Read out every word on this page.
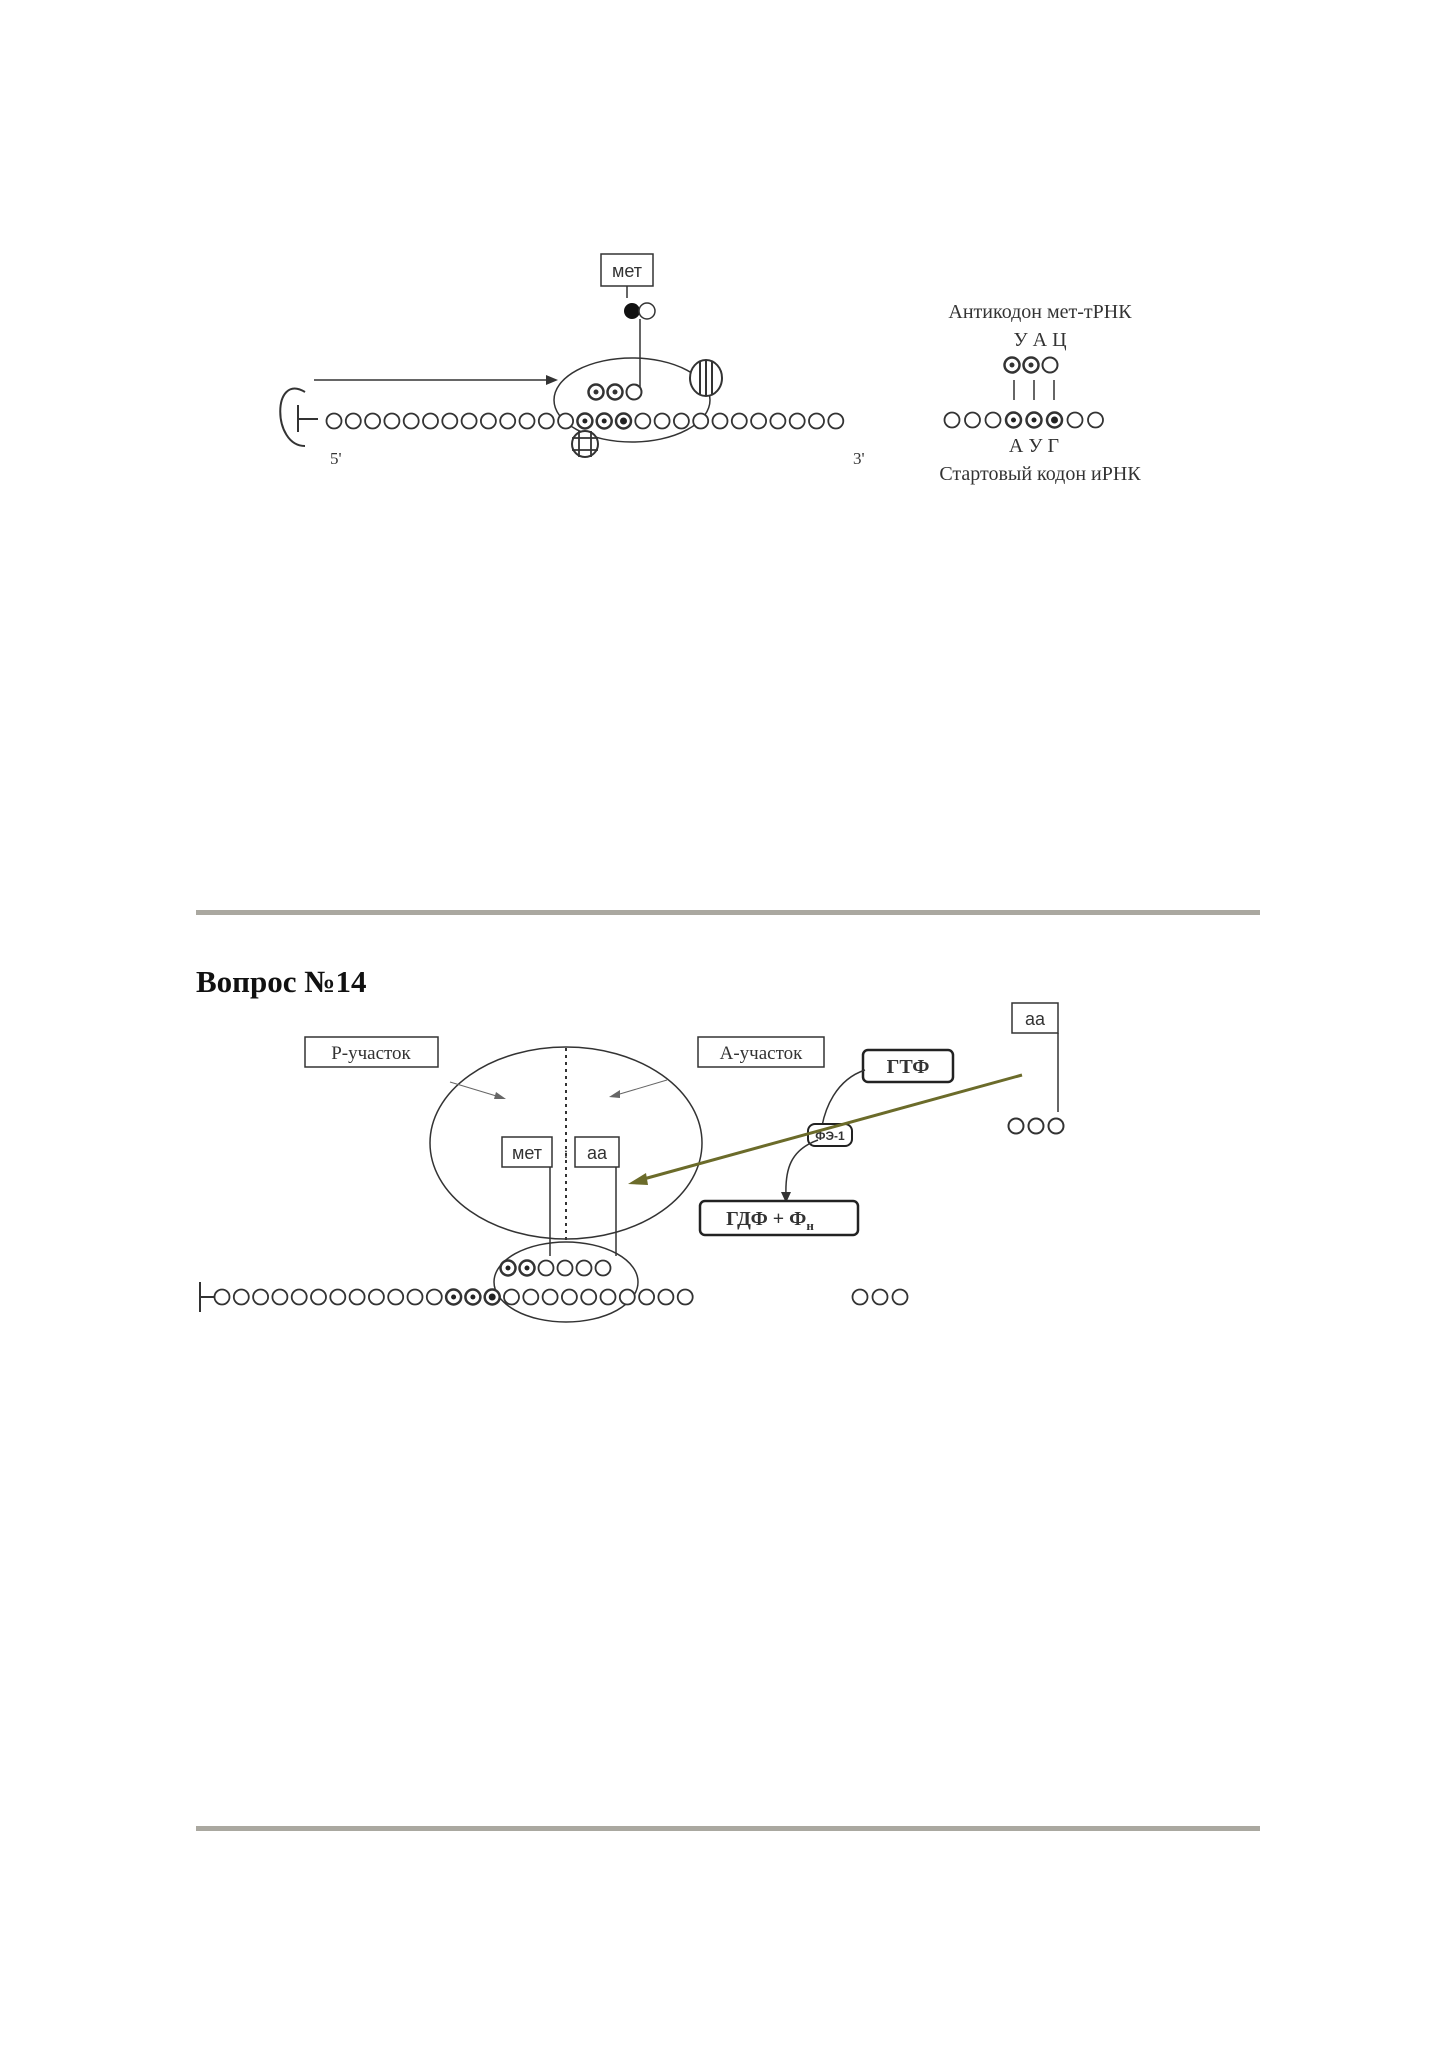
мет
5'	3'
Антикодон мет-тРНК
У А Ц
А У Г
Стартовый кодон иРНК
Вопрос №14
Р-участок	А-участок
мет : аа
ГТФ
ФЭ-1
ГДФ + $Ф_н$
аа
